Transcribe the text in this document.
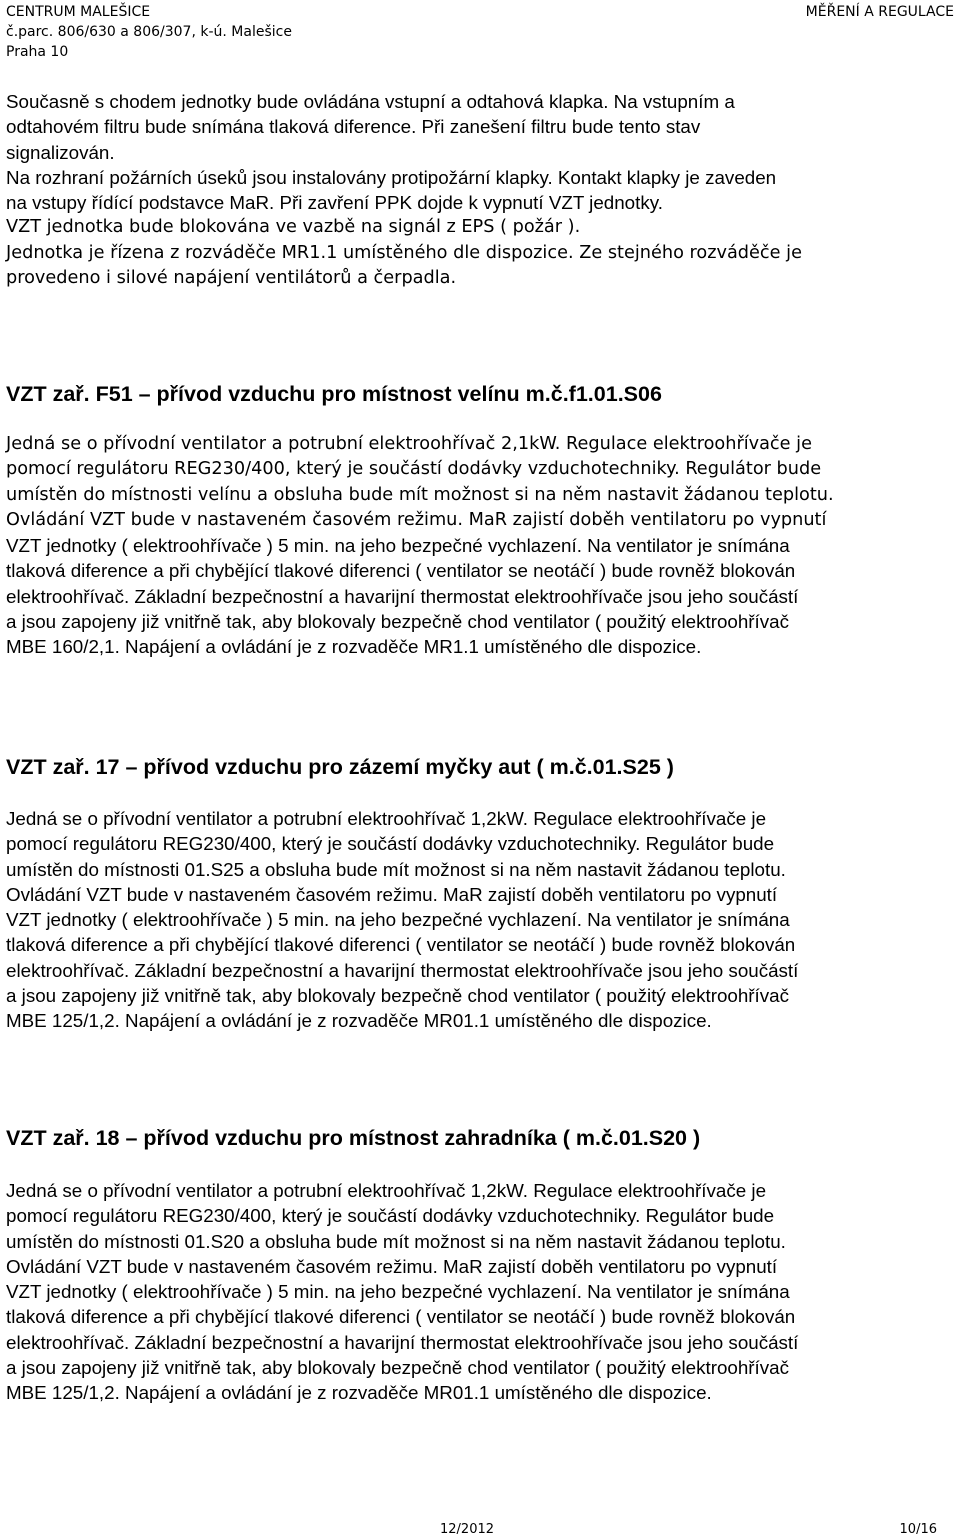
CENTRUM MALEŠICE
č.parc. 806/630 a 806/307, k-ú. Malešice
Praha 10
MĚŘENÍ A REGULACE
Současně s chodem jednotky bude ovládána vstupní a odtahová klapka. Na vstupním a
odtahovém filtru bude snímána tlaková diference. Při zanešení filtru bude tento stav
signalizován.
Na rozhraní požárních úseků jsou instalovány protipožární klapky. Kontakt klapky je zaveden
na vstupy řídící podstavce MaR. Při zavření PPK dojde k vypnutí VZT jednotky.
VZT jednotka bude blokována ve vazbě na signál z EPS ( požár ).
Jednotka je řízena z rozváděče MR1.1 umístěného dle dispozice. Ze stejného rozváděče je
provedeno i silové napájení ventilátorů a čerpadla.
VZT zař. F51 – přívod vzduchu pro místnost velínu m.č.f1.01.S06
Jedná se o přívodní ventilator a potrubní elektroohřívač 2,1kW. Regulace elektroohřívače je
pomocí regulátoru REG230/400, který je součástí dodávky vzduchotechniky. Regulátor bude
umístěn do místnosti velínu a obsluha bude mít možnost si na něm nastavit žádanou teplotu.
Ovládání VZT bude v nastaveném časovém režimu. MaR zajistí doběh ventilatoru po vypnutí
VZT jednotky ( elektroohřívače ) 5 min. na jeho bezpečné vychlazení. Na ventilator je snímána
tlaková diference a při chybějící tlakové diferenci ( ventilator se neotáčí ) bude rovněž blokován
elektroohřívač. Základní bezpečnostní a havarijní thermostat elektroohřívače jsou jeho součástí
a jsou zapojeny již vnitřně tak, aby blokovaly bezpečně chod ventilator ( použitý elektroohřívač
MBE 160/2,1. Napájení a ovládání je z rozvaděče MR1.1 umístěného dle dispozice.
VZT zař. 17 – přívod vzduchu pro zázemí myčky aut ( m.č.01.S25 )
Jedná se o přívodní ventilator a potrubní elektroohřívač 1,2kW. Regulace elektroohřívače je
pomocí regulátoru REG230/400, který je součástí dodávky vzduchotechniky. Regulátor bude
umístěn do místnosti 01.S25 a obsluha bude mít možnost si na něm nastavit žádanou teplotu.
Ovládání VZT bude v nastaveném časovém režimu. MaR zajistí doběh ventilatoru po vypnutí
VZT jednotky ( elektroohřívače ) 5 min. na jeho bezpečné vychlazení. Na ventilator je snímána
tlaková diference a při chybějící tlakové diferenci ( ventilator se neotáčí ) bude rovněž blokován
elektroohřívač. Základní bezpečnostní a havarijní thermostat elektroohřívače jsou jeho součástí
a jsou zapojeny již vnitřně tak, aby blokovaly bezpečně chod ventilator ( použitý elektroohřívač
MBE 125/1,2. Napájení a ovládání je z rozvaděče MR01.1 umístěného dle dispozice.
VZT zař. 18 – přívod vzduchu pro místnost zahradníka ( m.č.01.S20 )
Jedná se o přívodní ventilator a potrubní elektroohřívač 1,2kW. Regulace elektroohřívače je
pomocí regulátoru REG230/400, který je součástí dodávky vzduchotechniky. Regulátor bude
umístěn do místnosti 01.S20 a obsluha bude mít možnost si na něm nastavit žádanou teplotu.
Ovládání VZT bude v nastaveném časovém režimu. MaR zajistí doběh ventilatoru po vypnutí
VZT jednotky ( elektroohřívače ) 5 min. na jeho bezpečné vychlazení. Na ventilator je snímána
tlaková diference a při chybějící tlakové diferenci ( ventilator se neotáčí ) bude rovněž blokován
elektroohřívač. Základní bezpečnostní a havarijní thermostat elektroohřívače jsou jeho součástí
a jsou zapojeny již vnitřně tak, aby blokovaly bezpečně chod ventilator ( použitý elektroohřívač
MBE 125/1,2. Napájení a ovládání je z rozvaděče MR01.1 umístěného dle dispozice.
12/2012	10/16
